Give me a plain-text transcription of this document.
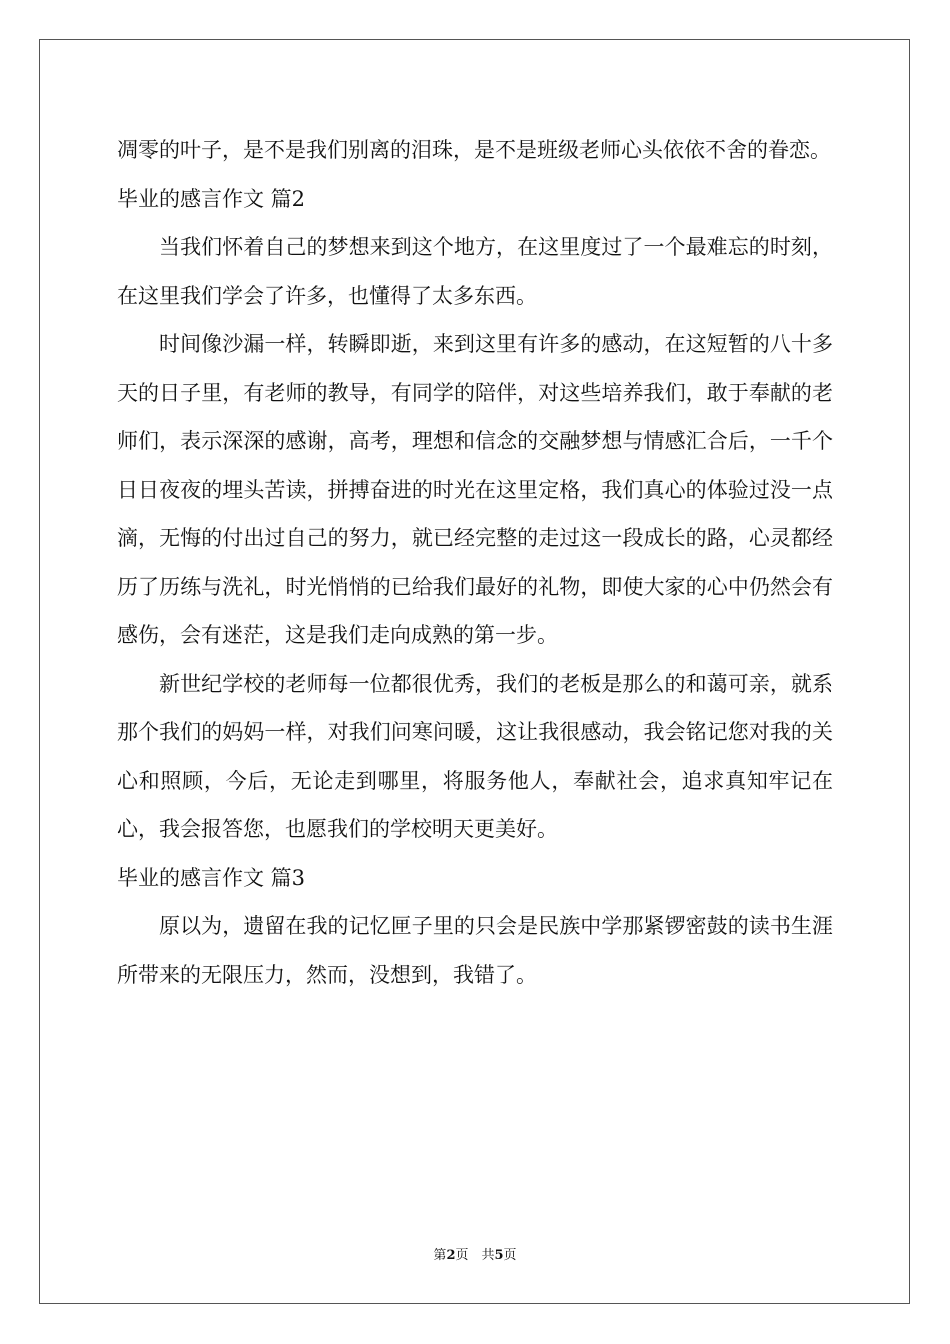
凋零的叶子，是不是我们别离的泪珠，是不是班级老师心头依依不舍的眷恋。

毕业的感言作文 篇2

当我们怀着自己的梦想来到这个地方，在这里度过了一个最难忘的时刻，在这里我们学会了许多，也懂得了太多东西。

时间像沙漏一样，转瞬即逝，来到这里有许多的感动，在这短暂的八十多天的日子里，有老师的教导，有同学的陪伴，对这些培养我们，敢于奉献的老师们，表示深深的感谢，高考，理想和信念的交融梦想与情感汇合后，一千个日日夜夜的埋头苦读，拼搏奋进的时光在这里定格，我们真心的体验过没一点滴，无悔的付出过自己的努力，就已经完整的走过这一段成长的路，心灵都经历了历练与洗礼，时光悄悄的已给我们最好的礼物，即使大家的心中仍然会有感伤，会有迷茫，这是我们走向成熟的第一步。

新世纪学校的老师每一位都很优秀，我们的老板是那么的和蔼可亲，就系那个我们的妈妈一样，对我们问寒问暖，这让我很感动，我会铭记您对我的关心和照顾，今后，无论走到哪里，将服务他人，奉献社会，追求真知牢记在心，我会报答您，也愿我们的学校明天更美好。

毕业的感言作文 篇3

原以为，遗留在我的记忆匣子里的只会是民族中学那紧锣密鼓的读书生涯所带来的无限压力，然而，没想到，我错了。

第2页　共5页
